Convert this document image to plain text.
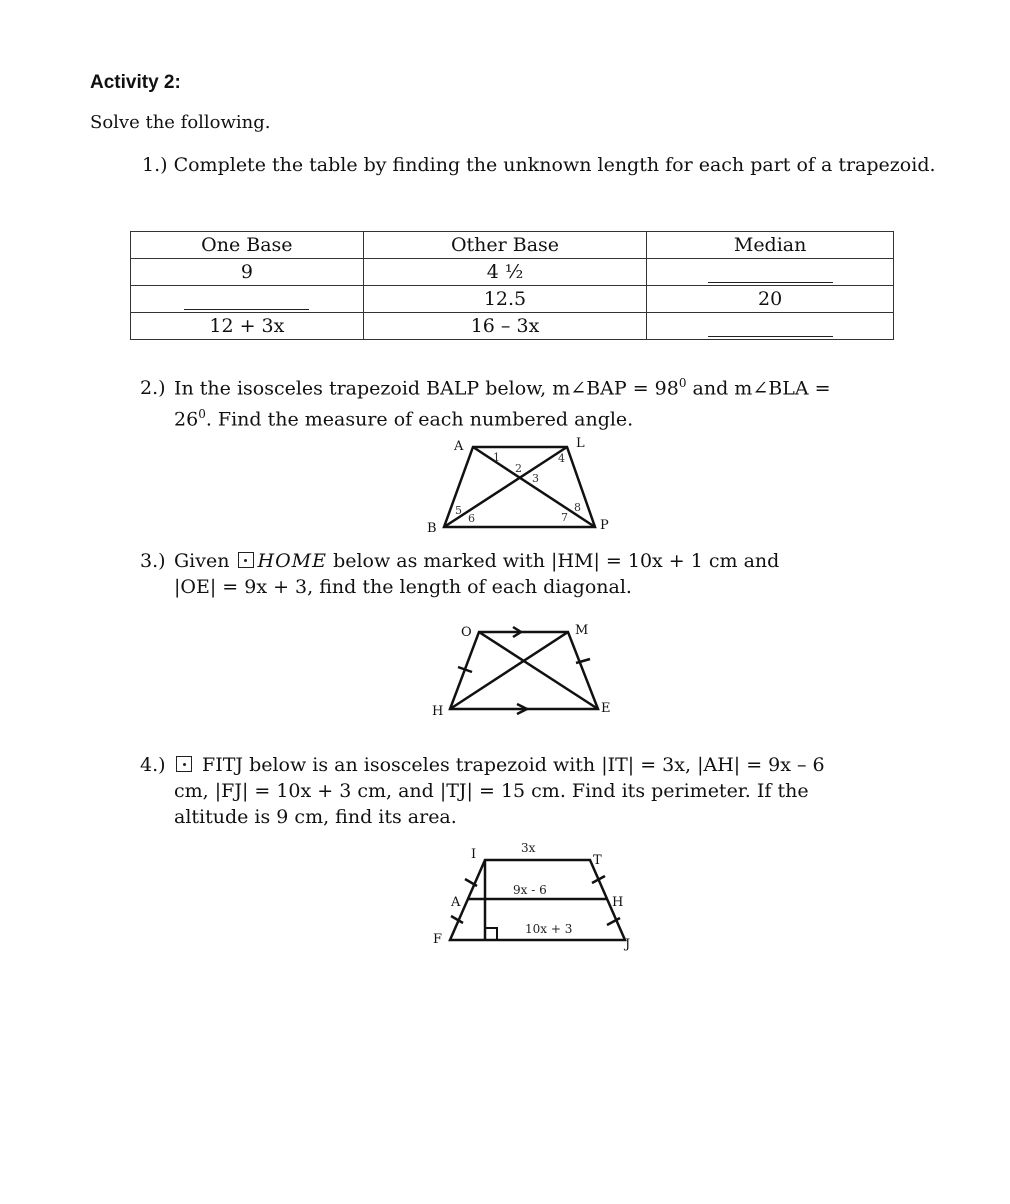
Activity 2:
Solve the following.
1.) Complete the table by finding the unknown length for each part of a trapezoid.
One Base	Other Base	Median
9	4 ½	
	12.5	20
12 + 3x	16 – 3x	
2.) In the isosceles trapezoid BALP below, m∠BAP = $98^0$ and m∠BLA =
$26^0$. Find the measure of each numbered angle.
A	L
B	P
1
2
3
4
5
6	7
8
3.) Given HOME below as marked with |HM| = 10x + 1 cm and
|OE| = 9x + 3, find the length of each diagonal.
O	M
H	E
4.) FITJ below is an isosceles trapezoid with |IT| = 3x, |AH| = 9x – 6
cm, |FJ| = 10x + 3 cm, and |TJ| = 15 cm. Find its perimeter. If the
altitude is 9 cm, find its area.
I	T
A	H
F	J
3x
9x - 6
10x + 3
